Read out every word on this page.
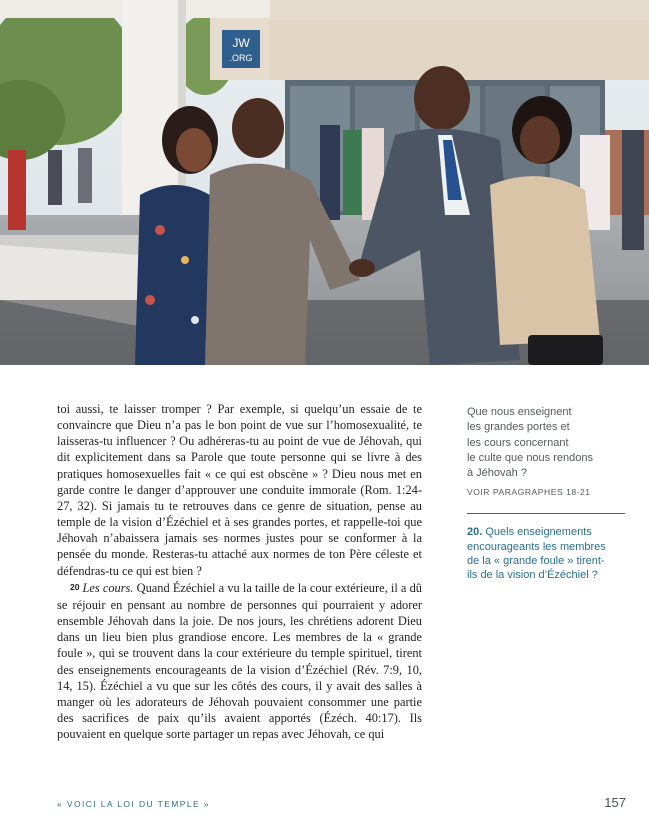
JW
.ORG

toi aussi, te laisser tromper ? Par exemple, si quelqu’un essaie de te convaincre que Dieu n’a pas le bon point de vue sur l’homosexualité, te laisseras-tu influencer ? Ou adhéreras-tu au point de vue de Jéhovah, qui dit explicitement dans sa Parole que toute personne qui se livre à des pratiques homosexuelles fait « ce qui est obscène » ? Dieu nous met en garde contre le danger d’approuver une conduite immorale (Rom. 1:24-27, 32). Si jamais tu te retrouves dans ce genre de situation, pense au temple de la vision d’Ézéchiel et à ses grandes portes, et rappelle-toi que Jéhovah n’abaissera jamais ses normes justes pour se conformer à la pensée du monde. Resteras-tu attaché aux normes de ton Père céleste et défendras-tu ce qui est bien ?

20 Les cours. Quand Ézéchiel a vu la taille de la cour extérieure, il a dû se réjouir en pensant au nombre de personnes qui pourraient y adorer ensemble Jéhovah dans la joie. De nos jours, les chrétiens adorent Dieu dans un lieu bien plus grandiose encore. Les membres de la « grande foule », qui se trouvent dans la cour extérieure du temple spirituel, tirent des enseignements encourageants de la vision d’Ézéchiel (Rév. 7:9, 10, 14, 15). Ézéchiel a vu que sur les côtés des cours, il y avait des salles à manger où les adorateurs de Jéhovah pouvaient consommer une partie des sacrifices de paix qu’ils avaient apportés (Ézéch. 40:17). Ils pouvaient en quelque sorte partager un repas avec Jéhovah, ce qui

Que nous enseignent
les grandes portes et
les cours concernant
le culte que nous rendons
à Jéhovah ?

VOIR PARAGRAPHES 18-21

20. Quels enseignements
encourageants les membres
de la « grande foule » tirent-
ils de la vision d’Ézéchiel ?

« VOICI LA LOI DU TEMPLE »	157
